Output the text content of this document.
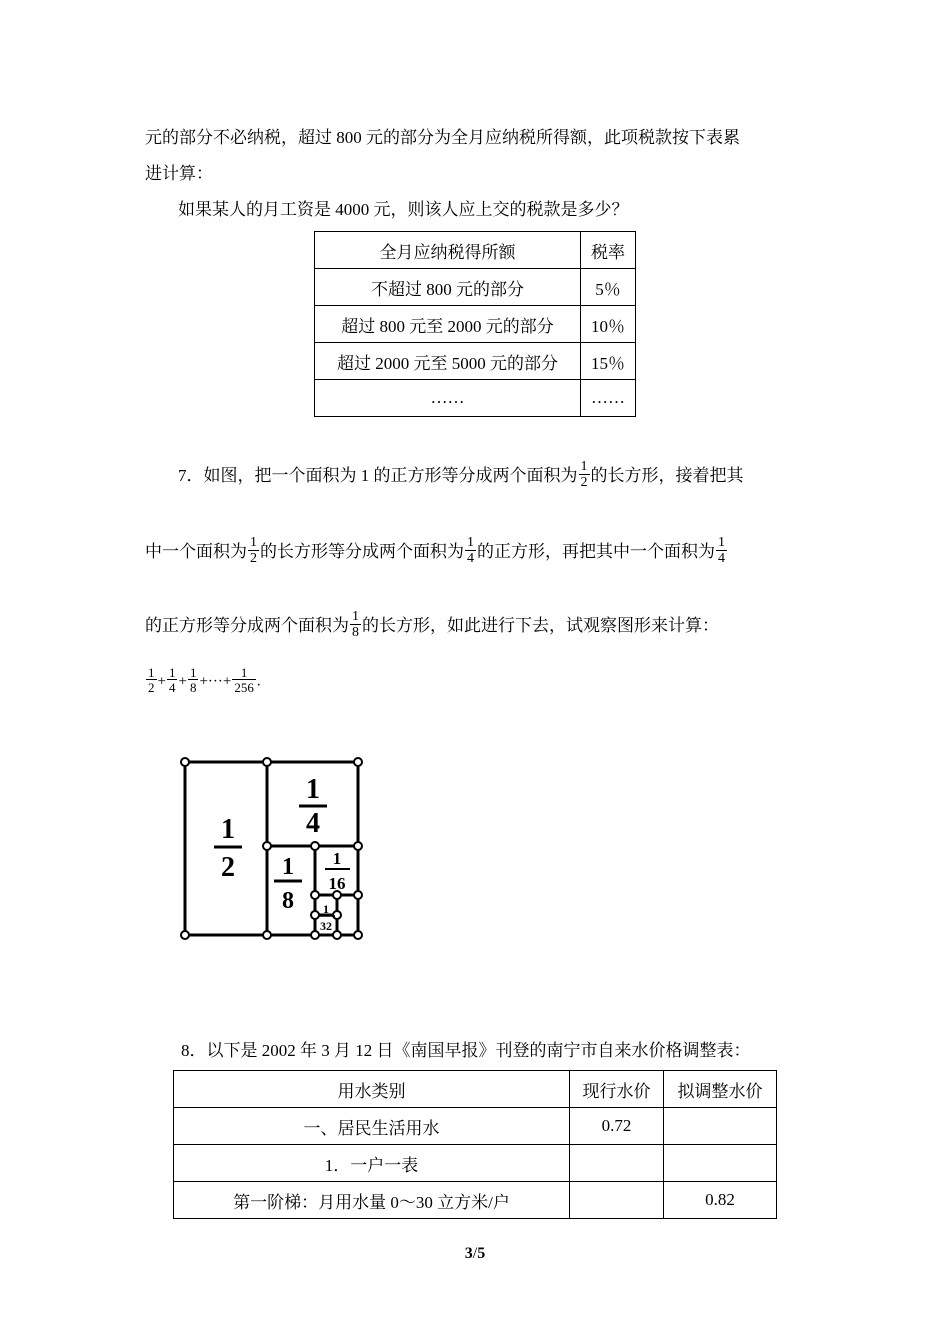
元的部分不必纳税，超过 800 元的部分为全月应纳税所得额，此项税款按下表累
进计算：
如果某人的月工资是 4000 元，则该人应上交的税款是多少？
全月应纳税得所额	税率
不超过 800 元的部分	5％
超过 800 元至 2000 元的部分	10％
超过 2000 元至 5000 元的部分	15％
……	……
7．如图，把一个面积为 1 的正方形等分成两个面积为 $\frac{1}{2}$ 的长方形，接着把其
中一个面积为 $\frac{1}{2}$ 的长方形等分成两个面积为 $\frac{1}{4}$ 的正方形，再把其中一个面积为 $\frac{1}{4}$
的正方形等分成两个面积为 $\frac{1}{8}$ 的长方形，如此进行下去，试观察图形来计算：
$\frac{1}{2} + \frac{1}{4} + \frac{1}{8}$ +···+ $\frac{1}{256}$ .
1
2
1
4
1
8
1
16
1
32
8．以下是 2002 年 3 月 12 日《南国早报》刊登的南宁市自来水价格调整表：
用水类别	现行水价	拟调整水价
一、居民生活用水	0.72	
1．一户一表		
第一阶梯：月用水量 0～30 立方米/户		0.82
3/5
